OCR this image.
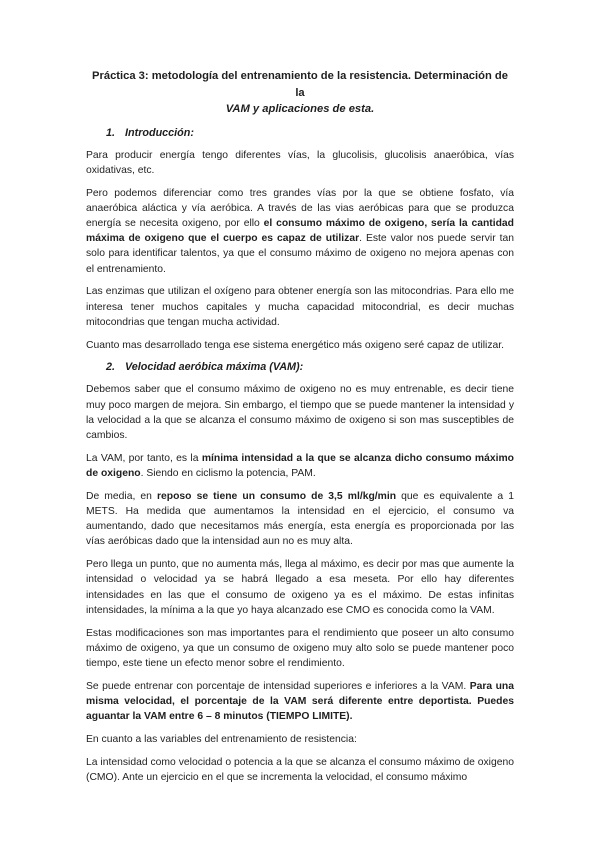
Práctica 3: metodología del entrenamiento de la resistencia. Determinación de la
VAM y aplicaciones de esta.
1. Introducción:

Para producir energía tengo diferentes vías, la glucolisis, glucolisis anaeróbica, vías oxidativas, etc.

Pero podemos diferenciar como tres grandes vías por la que se obtiene fosfato, vía anaeróbica aláctica y vía aeróbica. A través de las vias aeróbicas para que se produzca energía se necesita oxigeno, por ello el consumo máximo de oxigeno, sería la cantidad máxima de oxigeno que el cuerpo es capaz de utilizar. Este valor nos puede servir tan solo para identificar talentos, ya que el consumo máximo de oxigeno no mejora apenas con el entrenamiento.

Las enzimas que utilizan el oxígeno para obtener energía son las mitocondrias. Para ello me interesa tener muchos capitales y mucha capacidad mitocondrial, es decir muchas mitocondrias que tengan mucha actividad.

Cuanto mas desarrollado tenga ese sistema energético más oxigeno seré capaz de utilizar.

2. Velocidad aeróbica máxima (VAM):

Debemos saber que el consumo máximo de oxigeno no es muy entrenable, es decir tiene muy poco margen de mejora. Sin embargo, el tiempo que se puede mantener la intensidad y la velocidad a la que se alcanza el consumo máximo de oxigeno si son mas susceptibles de cambios.

La VAM, por tanto, es la mínima intensidad a la que se alcanza dicho consumo máximo de oxigeno. Siendo en ciclismo la potencia, PAM.

De media, en reposo se tiene un consumo de 3,5 ml/kg/min que es equivalente a 1 METS. Ha medida que aumentamos la intensidad en el ejercicio, el consumo va aumentando, dado que necesitamos más energía, esta energía es proporcionada por las vías aeróbicas dado que la intensidad aun no es muy alta.

Pero llega un punto, que no aumenta más, llega al máximo, es decir por mas que aumente la intensidad o velocidad ya se habrá llegado a esa meseta. Por ello hay diferentes intensidades en las que el consumo de oxigeno ya es el máximo. De estas infinitas intensidades, la mínima a la que yo haya alcanzado ese CMO es conocida como la VAM.

Estas modificaciones son mas importantes para el rendimiento que poseer un alto consumo máximo de oxigeno, ya que un consumo de oxigeno muy alto solo se puede mantener poco tiempo, este tiene un efecto menor sobre el rendimiento.

Se puede entrenar con porcentaje de intensidad superiores e inferiores a la VAM. Para una misma velocidad, el porcentaje de la VAM será diferente entre deportista. Puedes aguantar la VAM entre 6 – 8 minutos (TIEMPO LIMITE).

En cuanto a las variables del entrenamiento de resistencia:

La intensidad como velocidad o potencia a la que se alcanza el consumo máximo de oxigeno (CMO). Ante un ejercicio en el que se incrementa la velocidad, el consumo máximo
